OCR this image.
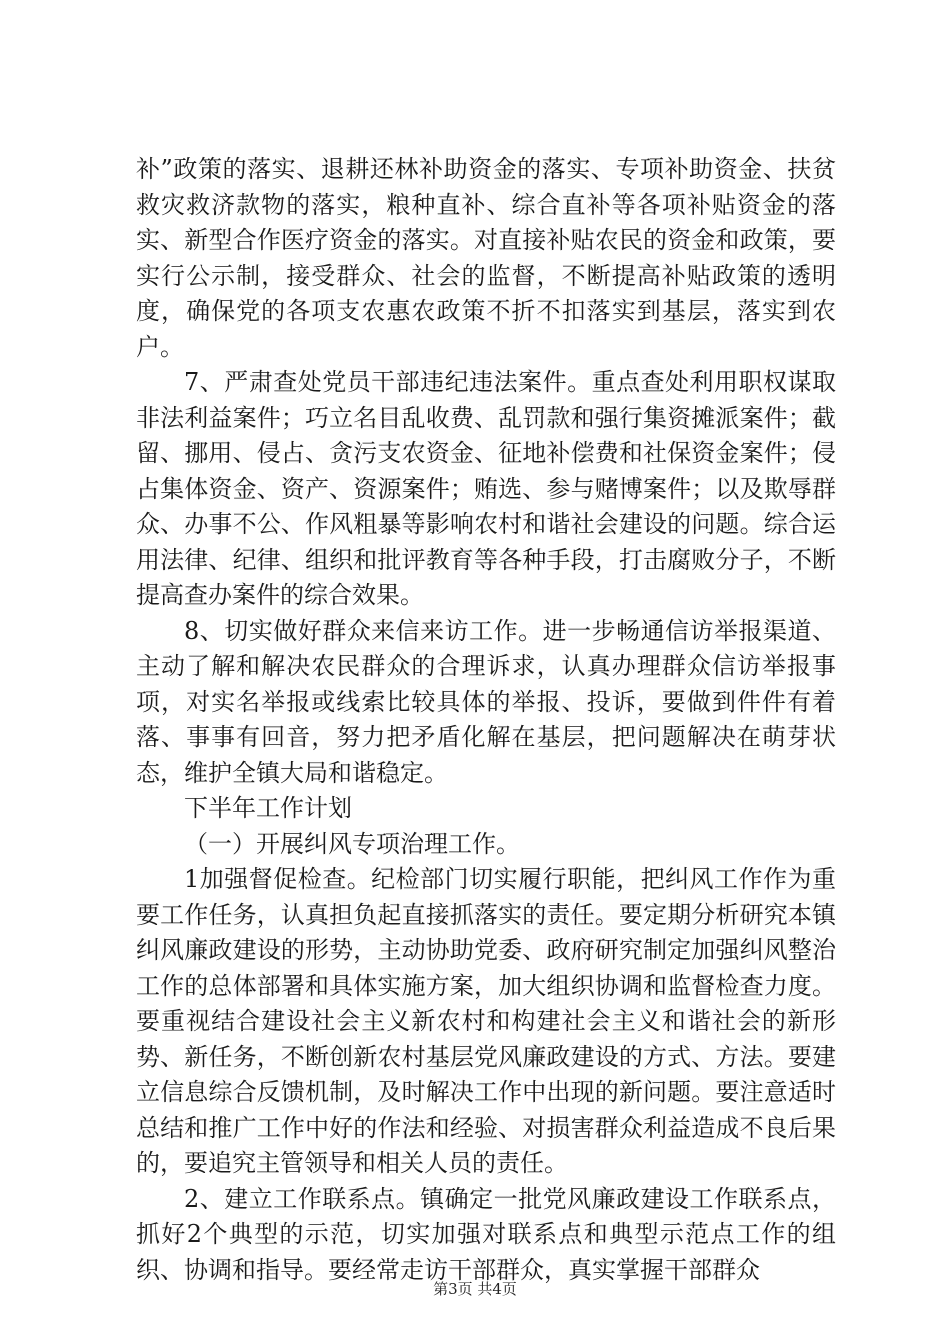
补”政策的落实、退耕还林补助资金的落实、专项补助资金、扶贫救灾救济款物的落实，粮种直补、综合直补等各项补贴资金的落实、新型合作医疗资金的落实。对直接补贴农民的资金和政策，要实行公示制，接受群众、社会的监督，不断提高补贴政策的透明度，确保党的各项支农惠农政策不折不扣落实到基层，落实到农户。

7、严肃查处党员干部违纪违法案件。重点查处利用职权谋取非法利益案件；巧立名目乱收费、乱罚款和强行集资摊派案件；截留、挪用、侵占、贪污支农资金、征地补偿费和社保资金案件；侵占集体资金、资产、资源案件；贿选、参与赌博案件；以及欺辱群众、办事不公、作风粗暴等影响农村和谐社会建设的问题。综合运用法律、纪律、组织和批评教育等各种手段，打击腐败分子，不断提高查办案件的综合效果。

8、切实做好群众来信来访工作。进一步畅通信访举报渠道、主动了解和解决农民群众的合理诉求，认真办理群众信访举报事项，对实名举报或线索比较具体的举报、投诉，要做到件件有着落、事事有回音，努力把矛盾化解在基层，把问题解决在萌芽状态，维护全镇大局和谐稳定。

下半年工作计划

（一）开展纠风专项治理工作。

1加强督促检查。纪检部门切实履行职能，把纠风工作作为重要工作任务，认真担负起直接抓落实的责任。要定期分析研究本镇纠风廉政建设的形势，主动协助党委、政府研究制定加强纠风整治工作的总体部署和具体实施方案，加大组织协调和监督检查力度。要重视结合建设社会主义新农村和构建社会主义和谐社会的新形势、新任务，不断创新农村基层党风廉政建设的方式、方法。要建立信息综合反馈机制，及时解决工作中出现的新问题。要注意适时总结和推广工作中好的作法和经验、对损害群众利益造成不良后果的，要追究主管领导和相关人员的责任。

2、建立工作联系点。镇确定一批党风廉政建设工作联系点，抓好2个典型的示范，切实加强对联系点和典型示范点工作的组织、协调和指导。要经常走访干部群众，真实掌握干部群众

第3页 共4页
